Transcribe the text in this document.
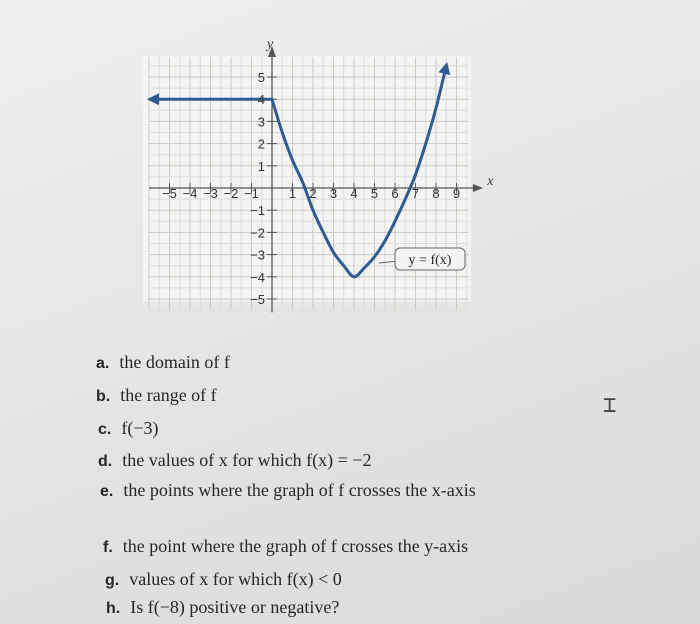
y = f(x)
x
y
−5 −4 −3 −2 −1 1 2 3 4 5 6 7 8 9
−5
−4
−3
−2
−1
1
2
3
4
5
a. the domain of f
b. the range of f
c. f(−3)
d. the values of x for which f(x) = −2
e. the points where the graph of f crosses the x-axis
f. the point where the graph of f crosses the y-axis
g. values of x for which f(x) < 0
h. Is f(−8) positive or negative?
⌶
